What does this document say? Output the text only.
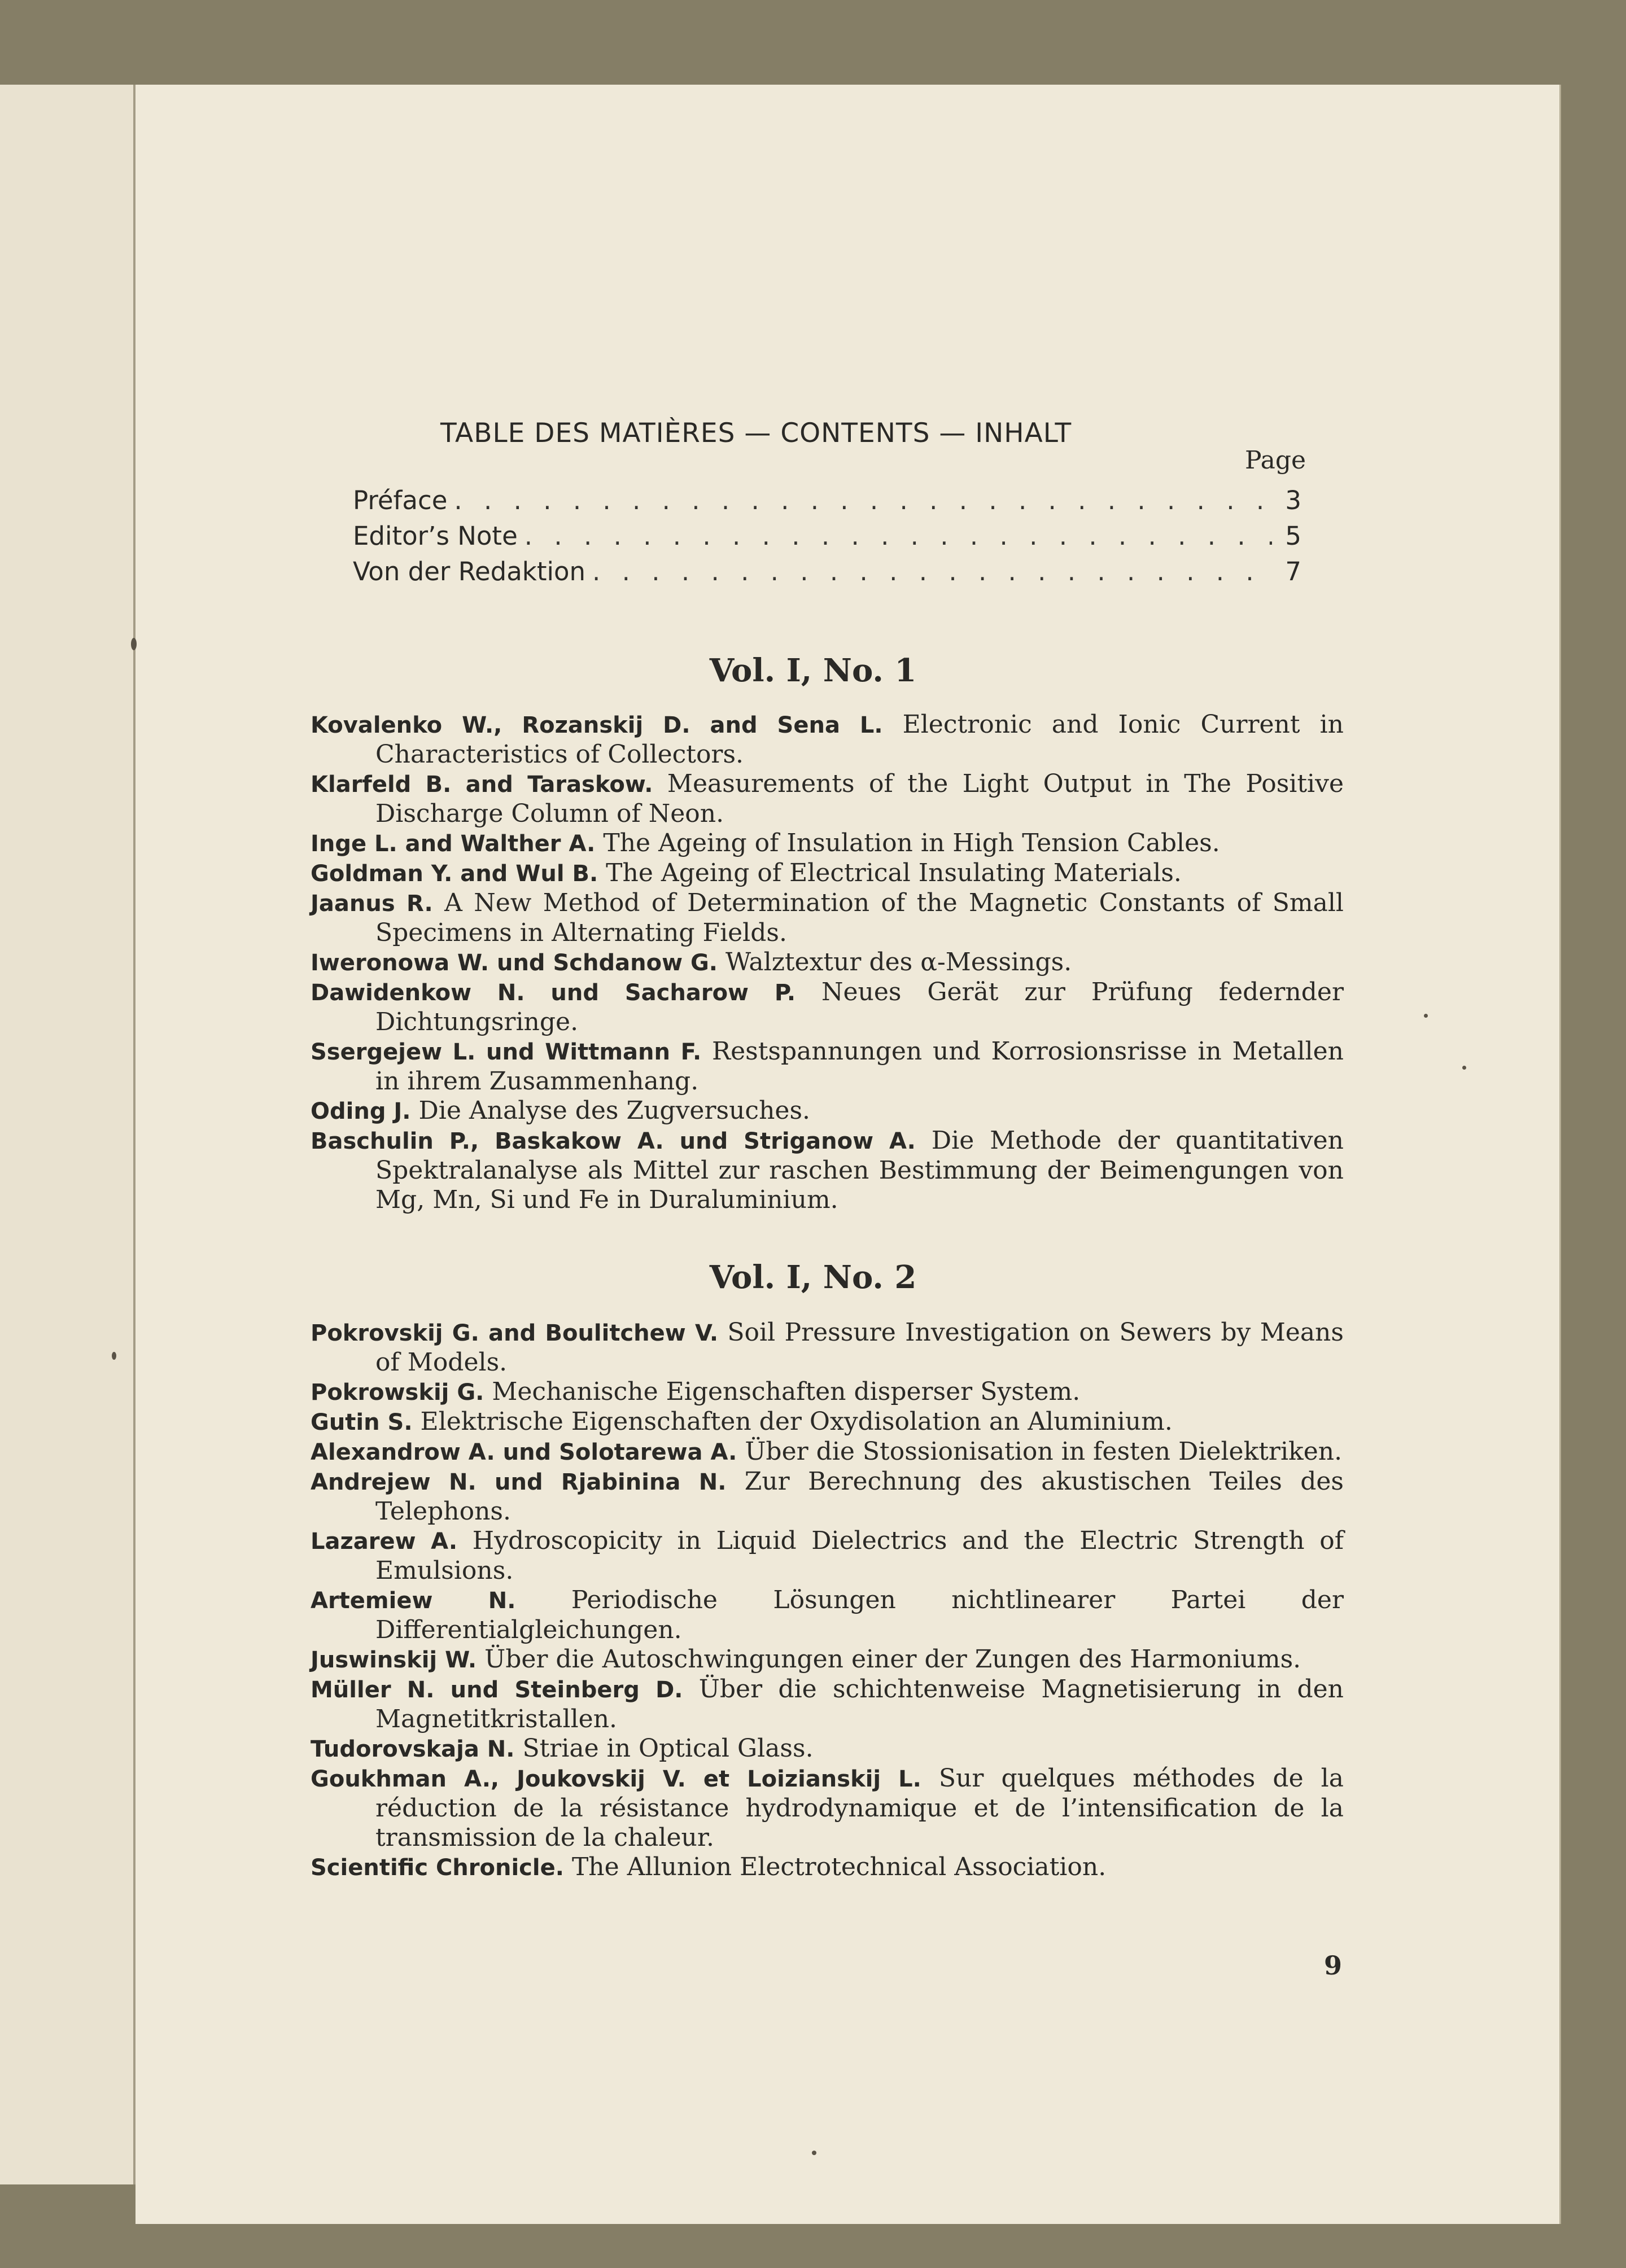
TABLE DES MATIÈRES — CONTENTS — INHALT
Page
Préface . . .	3
Editor’s Note . . .	5
Von der Redaktion . . .	7
Vol. I, No. 1
Kovalenko W., Rozanskij D. and Sena L. Electronic and Ionic Current in Characteristics of Collectors.
Klarfeld B. and Taraskow. Measurements of the Light Output in The Positive Discharge Column of Neon.
Inge L. and Walther A. The Ageing of Insulation in High Tension Cables.
Goldman Y. and Wul B. The Ageing of Electrical Insulating Materials.
Jaanus R. A New Method of Determination of the Magnetic Constants of Small Specimens in Alternating Fields.
Iweronowa W. und Schdanow G. Walztextur des α-Messings.
Dawidenkow N. und Sacharow P. Neues Gerät zur Prüfung federnder Dichtungsringe.
Ssergejew L. und Wittmann F. Restspannungen und Korrosionsrisse in Metallen in ihrem Zusammenhang.
Oding J. Die Analyse des Zugversuches.
Baschulin P., Baskakow A. und Striganow A. Die Methode der quantitativen Spektralanalyse als Mittel zur raschen Bestimmung der Beimengungen von Mg, Mn, Si und Fe in Duraluminium.
Vol. I, No. 2
Pokrovskij G. and Boulitchew V. Soil Pressure Investigation on Sewers by Means of Models.
Pokrowskij G. Mechanische Eigenschaften disperser System.
Gutin S. Elektrische Eigenschaften der Oxydisolation an Aluminium.
Alexandrow A. und Solotarewa A. Über die Stossionisation in festen Dielektriken.
Andrejew N. und Rjabinina N. Zur Berechnung des akustischen Teiles des Telephons.
Lazarew A. Hydroscopicity in Liquid Dielectrics and the Electric Strength of Emulsions.
Artemiew N. Periodische Lösungen nichtlinearer Partei der Differentialgleichungen.
Juswinskij W. Über die Autoschwingungen einer der Zungen des Harmoniums.
Müller N. und Steinberg D. Über die schichtenweise Magnetisierung in den Magnetitkristallen.
Tudorovskaja N. Striae in Optical Glass.
Goukhman A., Joukovskij V. et Loizianskij L. Sur quelques méthodes de la réduction de la résistance hydrodynamique et de l’intensification de la transmission de la chaleur.
Scientific Chronicle. The Allunion Electrotechnical Association.
9
